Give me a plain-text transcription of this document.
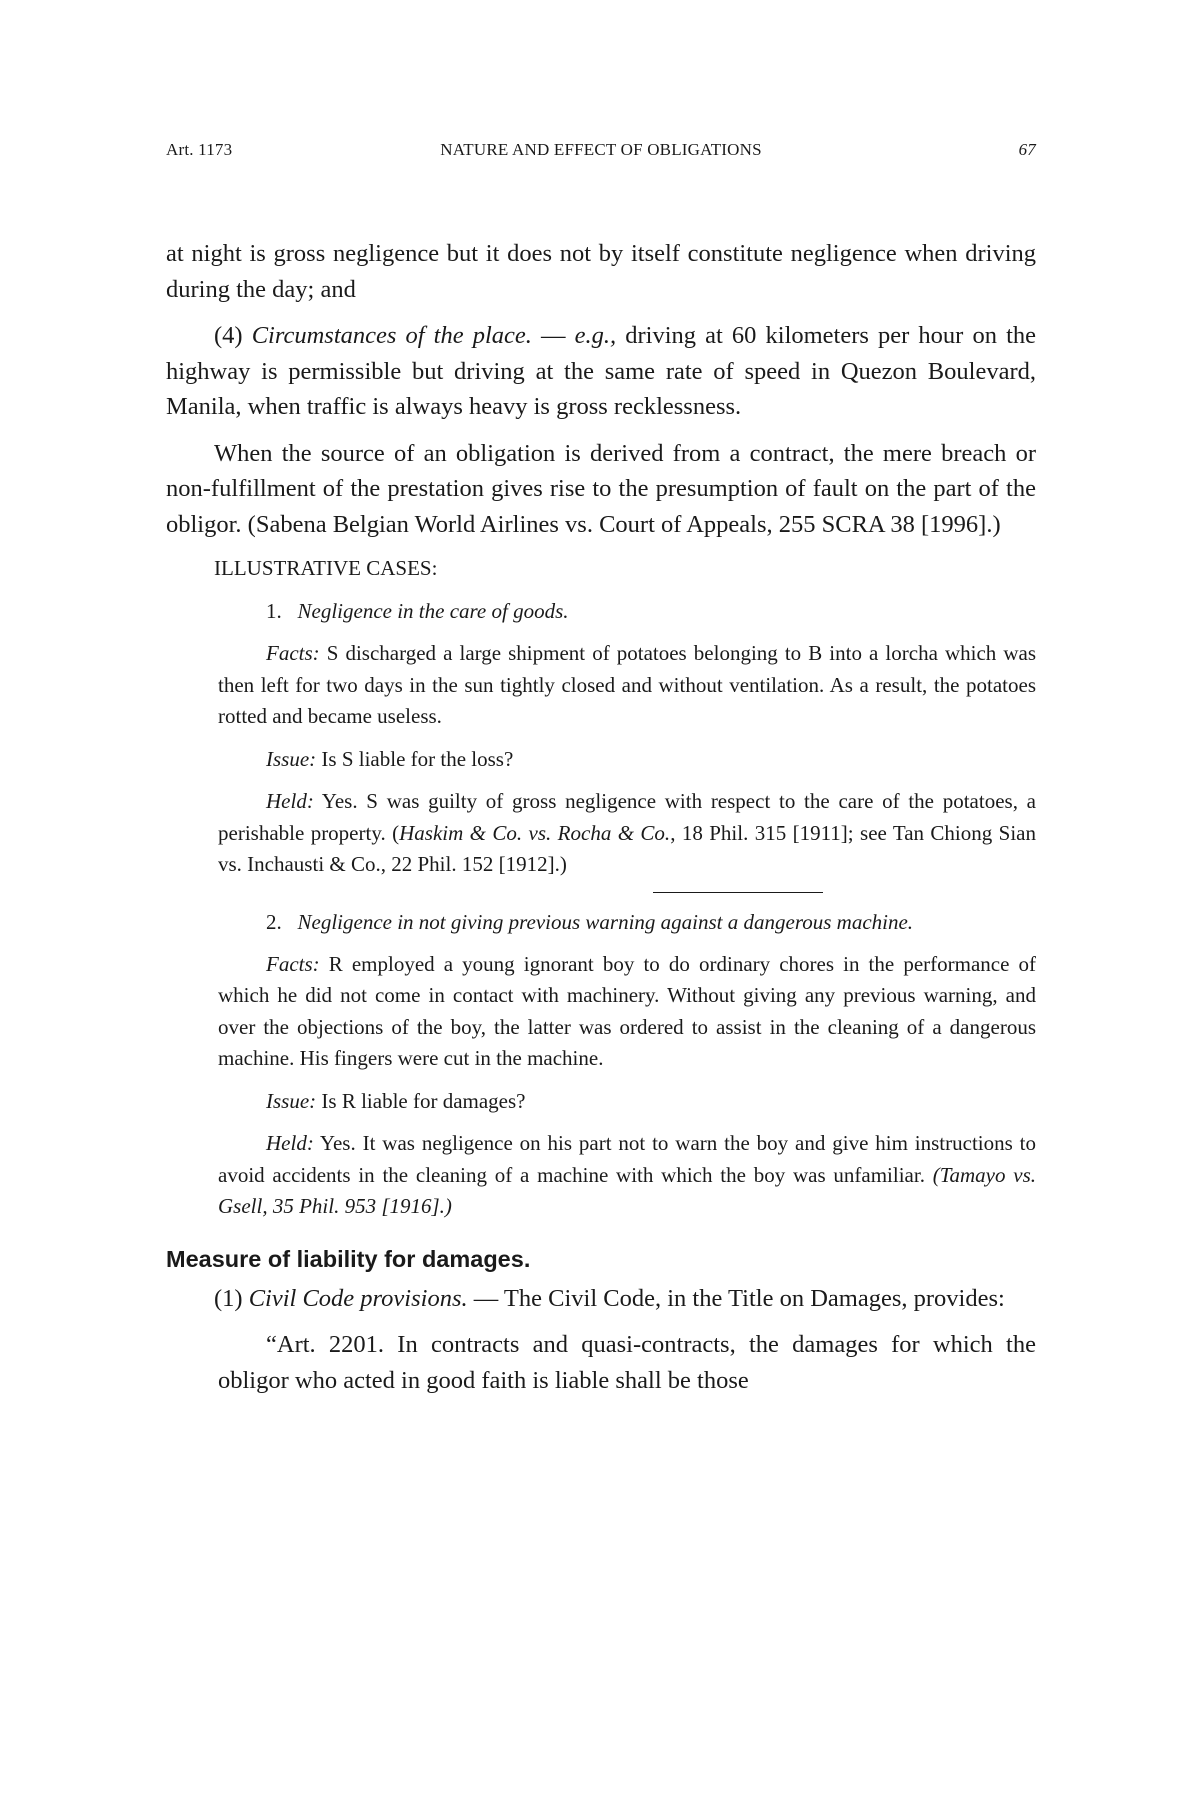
Art. 1173	NATURE AND EFFECT OF OBLIGATIONS	67

at night is gross negligence but it does not by itself constitute negligence when driving during the day; and

(4) Circumstances of the place. — e.g., driving at 60 kilometers per hour on the highway is permissible but driving at the same rate of speed in Quezon Boulevard, Manila, when traffic is always heavy is gross recklessness.

When the source of an obligation is derived from a contract, the mere breach or non-fulfillment of the prestation gives rise to the presumption of fault on the part of the obligor. (Sabena Belgian World Airlines vs. Court of Appeals, 255 SCRA 38 [1996].)

ILLUSTRATIVE CASES:

1. Negligence in the care of goods.

Facts: S discharged a large shipment of potatoes belonging to B into a lorcha which was then left for two days in the sun tightly closed and without ventilation. As a result, the potatoes rotted and became useless.

Issue: Is S liable for the loss?

Held: Yes. S was guilty of gross negligence with respect to the care of the potatoes, a perishable property. (Haskim & Co. vs. Rocha & Co., 18 Phil. 315 [1911]; see Tan Chiong Sian vs. Inchausti & Co., 22 Phil. 152 [1912].)

2. Negligence in not giving previous warning against a dangerous machine.

Facts: R employed a young ignorant boy to do ordinary chores in the performance of which he did not come in contact with machinery. Without giving any previous warning, and over the objections of the boy, the latter was ordered to assist in the cleaning of a dangerous machine. His fingers were cut in the machine.

Issue: Is R liable for damages?

Held: Yes. It was negligence on his part not to warn the boy and give him instructions to avoid accidents in the cleaning of a machine with which the boy was unfamiliar. (Tamayo vs. Gsell, 35 Phil. 953 [1916].)

Measure of liability for damages.

(1) Civil Code provisions. — The Civil Code, in the Title on Damages, provides:

“Art. 2201. In contracts and quasi-contracts, the damages for which the obligor who acted in good faith is liable shall be those
